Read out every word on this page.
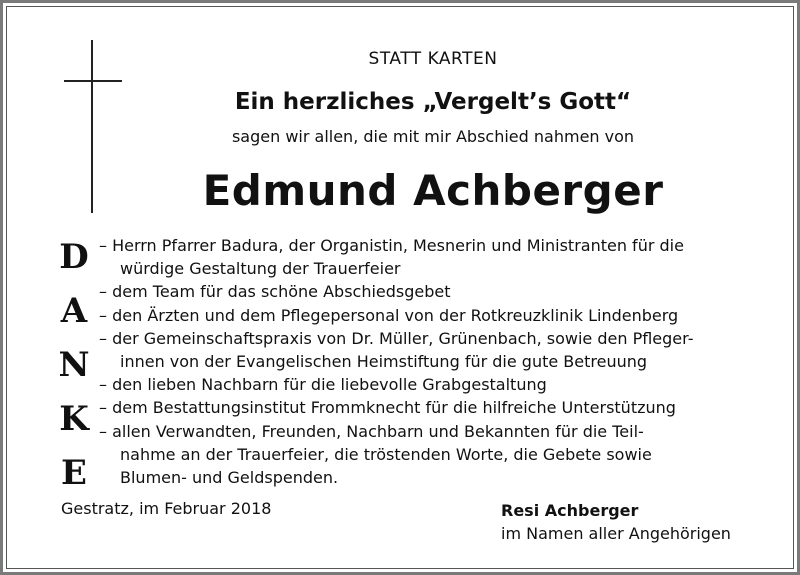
STATT KARTEN
Ein herzliches „Vergelt’s Gott“
sagen wir allen, die mit mir Abschied nahmen von
Edmund Achberger
D
A
N
K
E
– Herrn Pfarrer Badura, der Organistin, Mesnerin und Ministranten für die
würdige Gestaltung der Trauerfeier
– dem Team für das schöne Abschiedsgebet
– den Ärzten und dem Pflegepersonal von der Rotkreuzklinik Lindenberg
– der Gemeinschaftspraxis von Dr. Müller, Grünenbach, sowie den Pfleger-
innen von der Evangelischen Heimstiftung für die gute Betreuung
– den lieben Nachbarn für die liebevolle Grabgestaltung
– dem Bestattungsinstitut Frommknecht für die hilfreiche Unterstützung
– allen Verwandten, Freunden, Nachbarn und Bekannten für die Teil-
nahme an der Trauerfeier, die tröstenden Worte, die Gebete sowie
Blumen- und Geldspenden.
Gestratz, im Februar 2018	Resi Achberger
im Namen aller Angehörigen
